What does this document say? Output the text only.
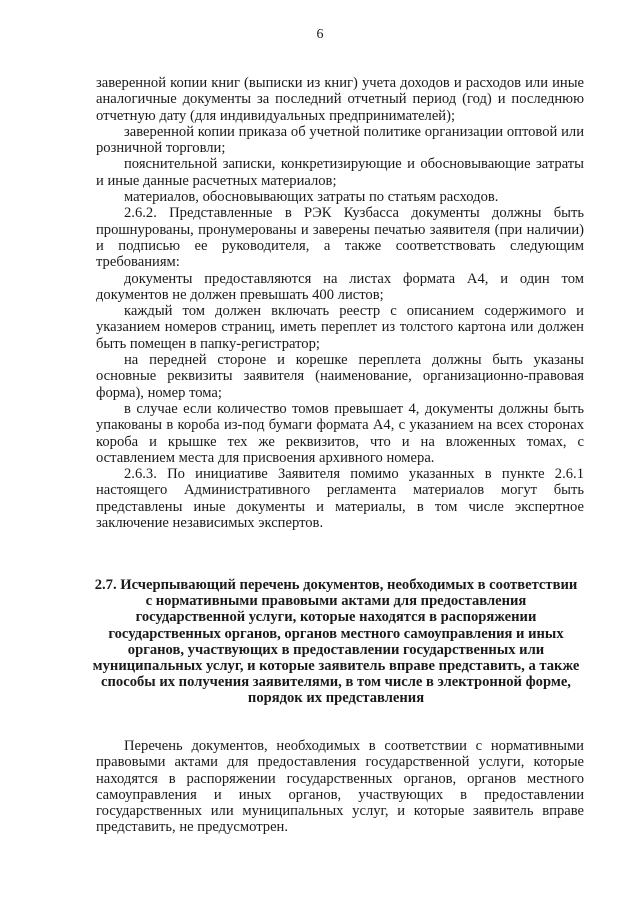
6

заверенной копии книг (выписки из книг) учета доходов и расходов или иные аналогичные документы за последний отчетный период (год) и последнюю отчетную дату (для индивидуальных предпринимателей);

заверенной копии приказа об учетной политике организации оптовой или розничной торговли;

пояснительной записки, конкретизирующие и обосновывающие затраты и иные данные расчетных материалов;

материалов, обосновывающих затраты по статьям расходов.

2.6.2. Представленные в РЭК Кузбасса документы должны быть прошнурованы, пронумерованы и заверены печатью заявителя (при наличии) и подписью ее руководителя, а также соответствовать следующим требованиям:

документы предоставляются на листах формата А4, и один том документов не должен превышать 400 листов;

каждый том должен включать реестр с описанием содержимого и указанием номеров страниц, иметь переплет из толстого картона или должен быть помещен в папку-регистратор;

на передней стороне и корешке переплета должны быть указаны основные реквизиты заявителя (наименование, организационно-правовая форма), номер тома;

в случае если количество томов превышает 4, документы должны быть упакованы в короба из-под бумаги формата А4, с указанием на всех сторонах короба и крышке тех же реквизитов, что и на вложенных томах, с оставлением места для присвоения архивного номера.

2.6.3. По инициативе Заявителя помимо указанных в пункте 2.6.1 настоящего Административного регламента материалов могут быть представлены иные документы и материалы, в том числе экспертное заключение независимых экспертов.

2.7. Исчерпывающий перечень документов, необходимых в соответствии с нормативными правовыми актами для предоставления государственной услуги, которые находятся в распоряжении государственных органов, органов местного самоуправления и иных органов, участвующих в предоставлении государственных или муниципальных услуг, и которые заявитель вправе представить, а также способы их получения заявителями, в том числе в электронной форме, порядок их представления

Перечень документов, необходимых в соответствии с нормативными правовыми актами для предоставления государственной услуги, которые находятся в распоряжении государственных органов, органов местного самоуправления и иных органов, участвующих в предоставлении государственных или муниципальных услуг, и которые заявитель вправе представить, не предусмотрен.
